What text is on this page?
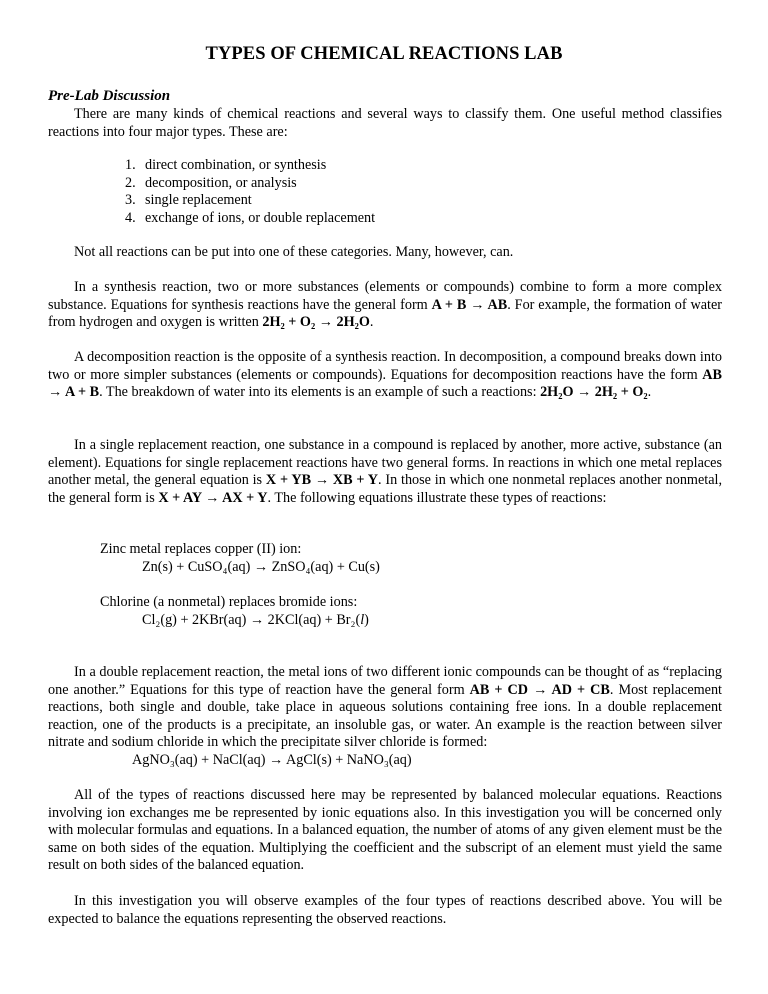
TYPES OF CHEMICAL REACTIONS LAB
Pre-Lab Discussion

There are many kinds of chemical reactions and several ways to classify them. One useful method classifies reactions into four major types. These are:

1. direct combination, or synthesis
2. decomposition, or analysis
3. single replacement
4. exchange of ions, or double replacement

Not all reactions can be put into one of these categories. Many, however, can.

In a synthesis reaction, two or more substances (elements or compounds) combine to form a more complex substance. Equations for synthesis reactions have the general form A + B → AB. For example, the formation of water from hydrogen and oxygen is written 2H₂ + O₂ → 2H₂O.

A decomposition reaction is the opposite of a synthesis reaction. In decomposition, a compound breaks down into two or more simpler substances (elements or compounds). Equations for decomposition reactions have the form AB → A + B. The breakdown of water into its elements is an example of such a reactions: 2H₂O → 2H₂ + O₂.

In a single replacement reaction, one substance in a compound is replaced by another, more active, substance (an element). Equations for single replacement reactions have two general forms. In reactions in which one metal replaces another metal, the general equation is X + YB → XB + Y. In those in which one nonmetal replaces another nonmetal, the general form is X + AY → AX + Y. The following equations illustrate these types of reactions:

Zinc metal replaces copper (II) ion:
Zn(s) + CuSO₄(aq) → ZnSO₄(aq) + Cu(s)
Chlorine (a nonmetal) replaces bromide ions:
Cl₂(g) + 2KBr(aq) → 2KCl(aq) + Br₂(l)

In a double replacement reaction, the metal ions of two different ionic compounds can be thought of as “replacing one another.” Equations for this type of reaction have the general form AB + CD → AD + CB. Most replacement reactions, both single and double, take place in aqueous solutions containing free ions. In a double replacement reaction, one of the products is a precipitate, an insoluble gas, or water. An example is the reaction between silver nitrate and sodium chloride in which the precipitate silver chloride is formed:

AgNO₃(aq) + NaCl(aq) → AgCl(s) + NaNO₃(aq)

All of the types of reactions discussed here may be represented by balanced molecular equations. Reactions involving ion exchanges me be represented by ionic equations also. In this investigation you will be concerned only with molecular formulas and equations. In a balanced equation, the number of atoms of any given element must be the same on both sides of the equation. Multiplying the coefficient and the subscript of an element must yield the same result on both sides of the balanced equation.

In this investigation you will observe examples of the four types of reactions described above. You will be expected to balance the equations representing the observed reactions.
